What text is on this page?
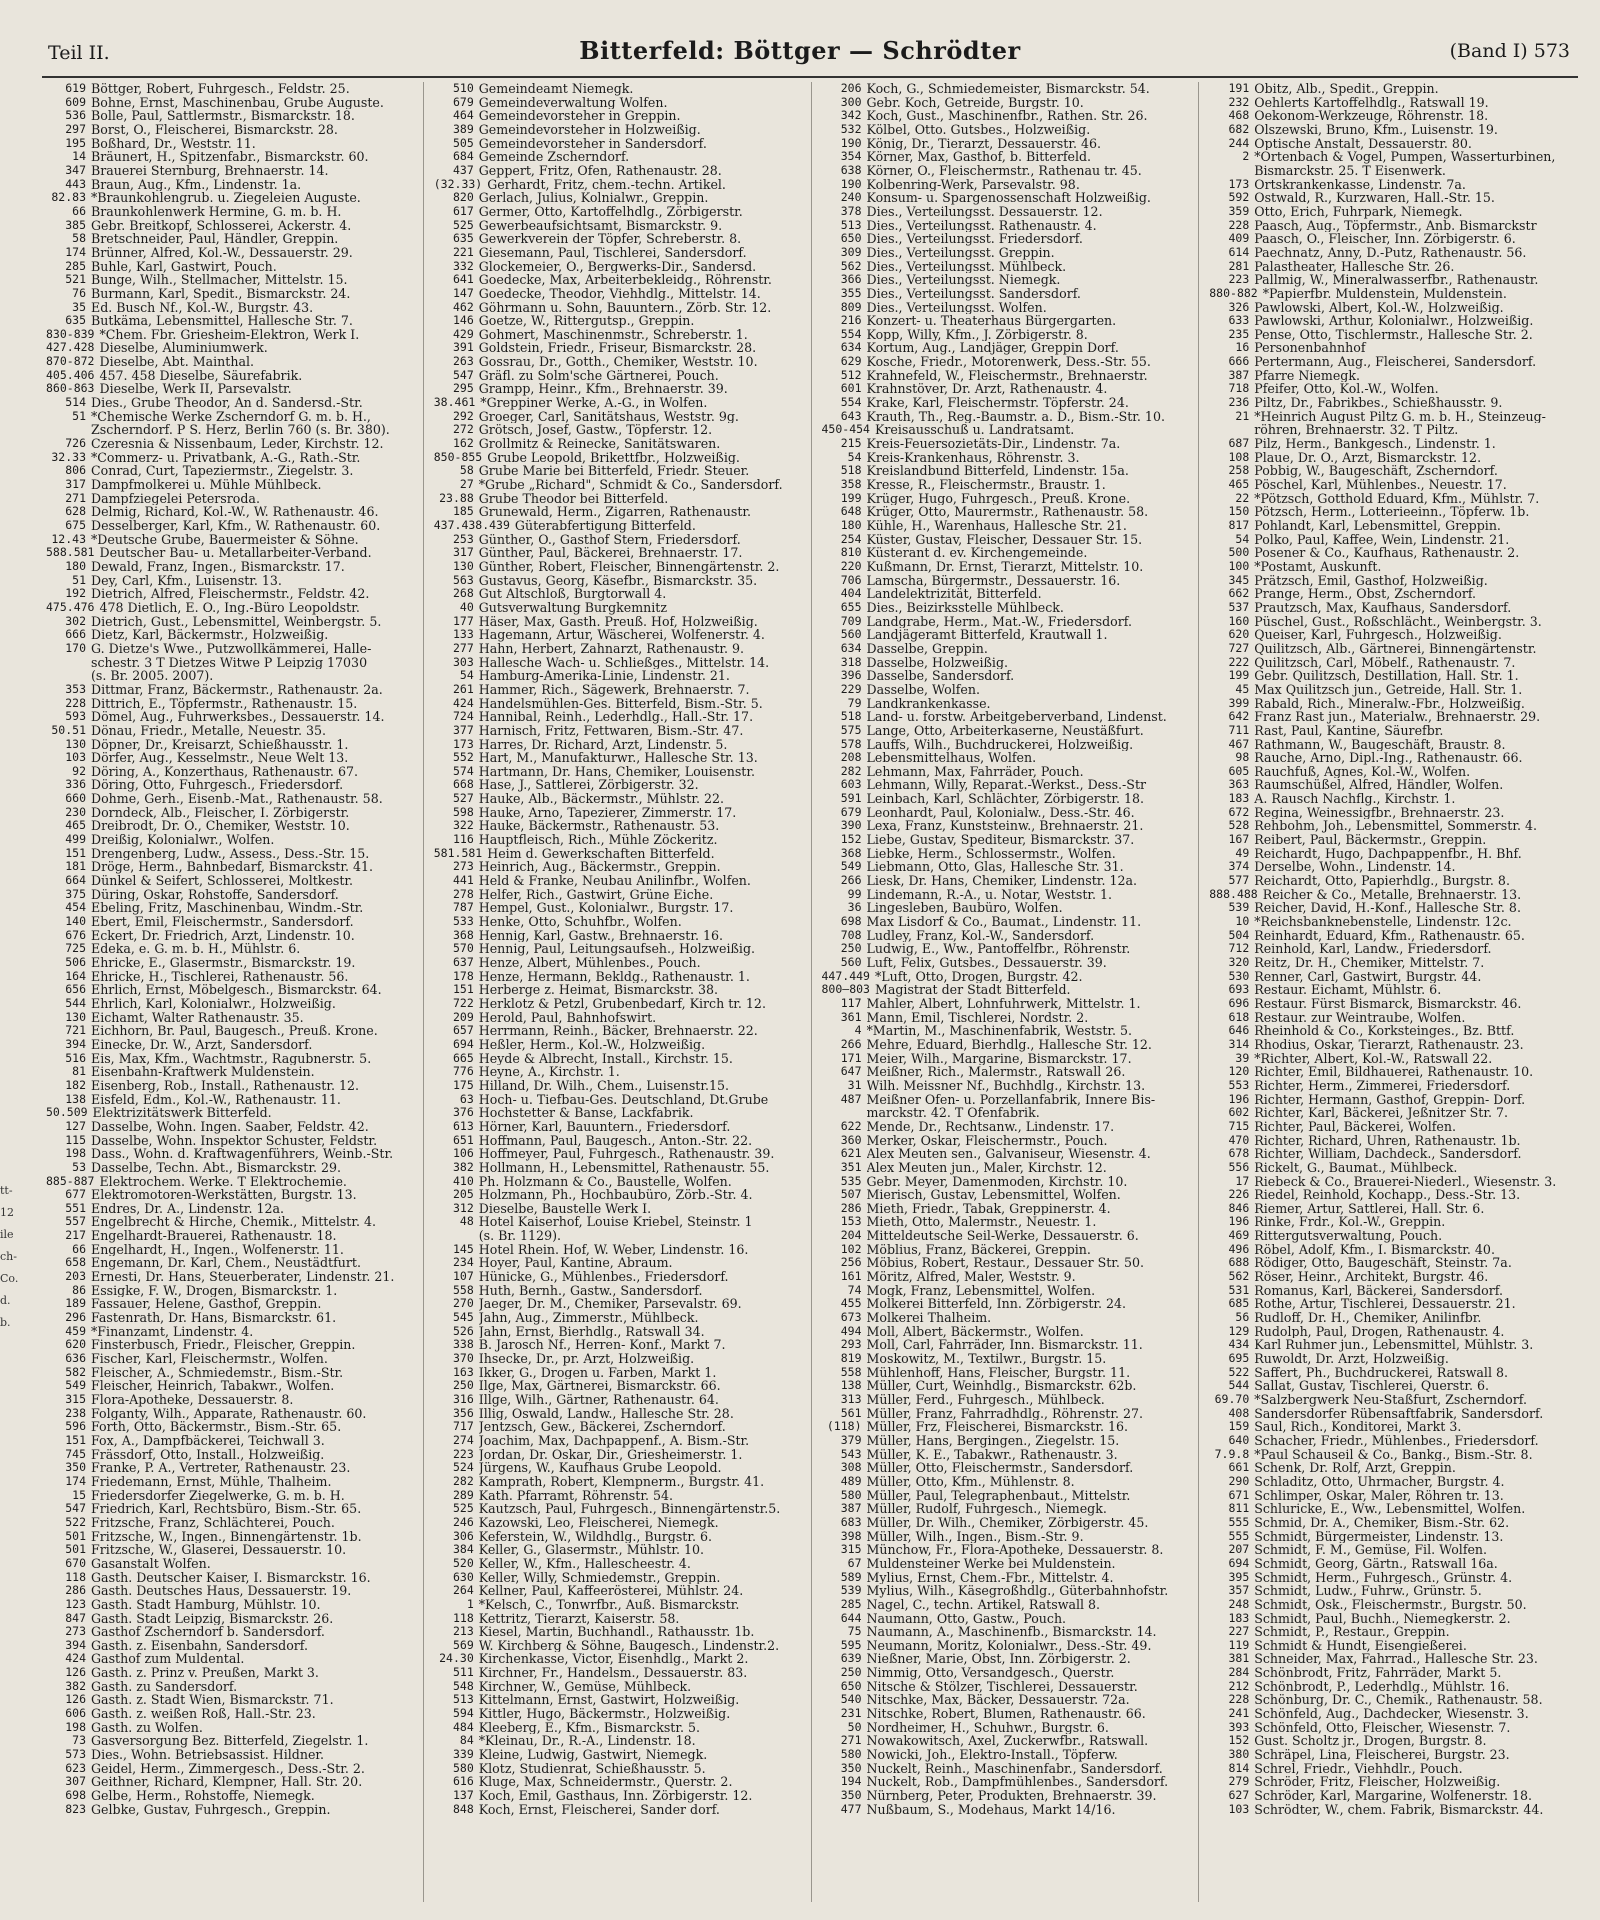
Teil II.	Bitterfeld: Böttger — Schrödter	(Band I) 573
tt-
12
ile
ch-
Co.
d.
b.
619 Böttger, Robert, Fuhrgesch., Feldstr. 25.
609 Bohne, Ernst, Maschinenbau, Grube Auguste.
536 Bolle, Paul, Sattlermstr., Bismarckstr. 18.
297 Borst, O., Fleischerei, Bismarckstr. 28.
195 Boßhard, Dr., Weststr. 11.
14 Bräunert, H., Spitzenfabr., Bismarckstr. 60.
347 Brauerei Sternburg, Brehnaerstr. 14.
443 Braun, Aug., Kfm., Lindenstr. 1a.
82.83 *Braunkohlengrub. u. Ziegeleien Auguste.
66 Braunkohlenwerk Hermine, G. m. b. H.
385 Gebr. Breitkopf, Schlosserei, Ackerstr. 4.
58 Bretschneider, Paul, Händler, Greppin.
174 Brünner, Alfred, Kol.-W., Dessauerstr. 29.
285 Buhle, Karl, Gastwirt, Pouch.
521 Bunge, Wilh., Stellmacher, Mittelstr. 15.
76 Burmann, Karl, Spedit., Bismarckstr. 24.
35 Ed. Busch Nf., Kol.-W., Burgstr. 43.
635 Butkäma, Lebensmittel, Hallesche Str. 7.
830-839 *Chem. Fbr. Griesheim-Elektron, Werk I.
427.428 Dieselbe, Aluminiumwerk.
870-872 Dieselbe, Abt. Mainthal.
405.406 457. 458 Dieselbe, Säurefabrik.
860-863 Dieselbe, Werk II, Parsevalstr.
514 Dies., Grube Theodor, An d. Sandersd.-Str.
51 *Chemische Werke Zscherndorf G. m. b. H.,
Zscherndorf. P S. Herz, Berlin 760 (s. Br. 380).
726 Czeresnia & Nissenbaum, Leder, Kirchstr. 12.
32.33 *Commerz- u. Privatbank, A.-G., Rath.-Str.
806 Conrad, Curt, Tapeziermstr., Ziegelstr. 3.
317 Dampfmolkerei u. Mühle Mühlbeck.
271 Dampfziegelei Petersroda.
628 Delmig, Richard, Kol.-W., W. Rathenaustr. 46.
675 Desselberger, Karl, Kfm., W. Rathenaustr. 60.
12.43 *Deutsche Grube, Bauermeister & Söhne.
588.581 Deutscher Bau- u. Metallarbeiter-Verband.
180 Dewald, Franz, Ingen., Bismarckstr. 17.
51 Dey, Carl, Kfm., Luisenstr. 13.
192 Dietrich, Alfred, Fleischermstr., Feldstr. 42.
475.476 478 Dietlich, E. O., Ing.-Büro Leopoldstr.
302 Dietrich, Gust., Lebensmittel, Weinbergstr. 5.
666 Dietz, Karl, Bäckermstr., Holzweißig.
170 G. Dietze's Wwe., Putzwollkämmerei, Halle-
schestr. 3 T Dietzes Witwe P Leipzig 17030
(s. Br. 2005. 2007).
353 Dittmar, Franz, Bäckermstr., Rathenaustr. 2a.
228 Dittrich, E., Töpfermstr., Rathenaustr. 15.
593 Dömel, Aug., Fuhrwerksbes., Dessauerstr. 14.
50.51 Dönau, Friedr., Metalle, Neuestr. 35.
130 Döpner, Dr., Kreisarzt, Schießhausstr. 1.
103 Dörfer, Aug., Kesselmstr., Neue Welt 13.
92 Döring, A., Konzerthaus, Rathenaustr. 67.
336 Döring, Otto, Fuhrgesch., Friedersdorf.
660 Dohme, Gerh., Eisenb.-Mat., Rathenaustr. 58.
230 Dorndeck, Alb., Fleischer, I. Zörbigerstr.
465 Dreibrodt, Dr. O., Chemiker, Weststr. 10.
499 Dreißig, Kolonialwr., Wolfen.
151 Drengenberg, Ludw., Assess., Dess.-Str. 15.
181 Dröge, Herm., Bahnbedarf, Bismarckstr. 41.
664 Dünkel & Seifert, Schlosserei, Moltkestr.
375 Düring, Oskar, Rohstoffe, Sandersdorf.
454 Ebeling, Fritz, Maschinenbau, Windm.-Str.
140 Ebert, Emil, Fleischermstr., Sandersdorf.
676 Eckert, Dr. Friedrich, Arzt, Lindenstr. 10.
725 Edeka, e. G. m. b. H., Mühlstr. 6.
506 Ehricke, E., Glasermstr., Bismarckstr. 19.
164 Ehricke, H., Tischlerei, Rathenaustr. 56.
656 Ehrlich, Ernst, Möbelgesch., Bismarckstr. 64.
544 Ehrlich, Karl, Kolonialwr., Holzweißig.
130 Eichamt, Walter Rathenaustr. 35.
721 Eichhorn, Br. Paul, Baugesch., Preuß. Krone.
394 Einecke, Dr. W., Arzt, Sandersdorf.
516 Eis, Max, Kfm., Wachtmstr., Ragubnerstr. 5.
81 Eisenbahn-Kraftwerk Muldenstein.
182 Eisenberg, Rob., Install., Rathenaustr. 12.
138 Eisfeld, Edm., Kol.-W., Rathenaustr. 11.
50.509 Elektrizitätswerk Bitterfeld.
127 Dasselbe, Wohn. Ingen. Saaber, Feldstr. 42.
115 Dasselbe, Wohn. Inspektor Schuster, Feldstr.
198 Dass., Wohn. d. Kraftwagenführers, Weinb.-Str.
53 Dasselbe, Techn. Abt., Bismarckstr. 29.
885-887 Elektrochem. Werke. T Elektrochemie.
677 Elektromotoren-Werkstätten, Burgstr. 13.
551 Endres, Dr. A., Lindenstr. 12a.
557 Engelbrecht & Hirche, Chemik., Mittelstr. 4.
217 Engelhardt-Brauerei, Rathenaustr. 18.
66 Engelhardt, H., Ingen., Wolfenerstr. 11.
658 Engemann, Dr. Karl, Chem., Neustädtfurt.
203 Ernesti, Dr. Hans, Steuerberater, Lindenstr. 21.
86 Essigke, F. W., Drogen, Bismarckstr. 1.
189 Fassauer, Helene, Gasthof, Greppin.
296 Fastenrath, Dr. Hans, Bismarckstr. 61.
459 *Finanzamt, Lindenstr. 4.
620 Finsterbusch, Friedr., Fleischer, Greppin.
636 Fischer, Karl, Fleischermstr., Wolfen.
582 Fleischer, A., Schmiedemstr., Bism.-Str.
549 Fleischer, Heinrich, Tabakwr., Wolfen.
315 Flora-Apotheke, Dessauerstr. 8.
238 Folganty, Wilh., Apparate, Rathenaustr. 60.
596 Forth, Otto, Bäckermstr., Bism.-Str. 65.
151 Fox, A., Dampfbäckerei, Teichwall 3.
745 Frässdorf, Otto, Install., Holzweißig.
350 Franke, P. A., Vertreter, Rathenaustr. 23.
174 Friedemann, Ernst, Mühle, Thalheim.
15 Friedersdorfer Ziegelwerke, G. m. b. H.
547 Friedrich, Karl, Rechtsbüro, Bism.-Str. 65.
522 Fritzsche, Franz, Schlächterei, Pouch.
501 Fritzsche, W., Ingen., Binnengärtenstr. 1b.
501 Fritzsche, W., Glaserei, Dessauerstr. 10.
670 Gasanstalt Wolfen.
118 Gasth. Deutscher Kaiser, I. Bismarckstr. 16.
286 Gasth. Deutsches Haus, Dessauerstr. 19.
123 Gasth. Stadt Hamburg, Mühlstr. 10.
847 Gasth. Stadt Leipzig, Bismarckstr. 26.
273 Gasthof Zscherndorf b. Sandersdorf.
394 Gasth. z. Eisenbahn, Sandersdorf.
424 Gasthof zum Muldental.
126 Gasth. z. Prinz v. Preußen, Markt 3.
382 Gasth. zu Sandersdorf.
126 Gasth. z. Stadt Wien, Bismarckstr. 71.
606 Gasth. z. weißen Roß, Hall.-Str. 23.
198 Gasth. zu Wolfen.
73 Gasversorgung Bez. Bitterfeld, Ziegelstr. 1.
573 Dies., Wohn. Betriebsassist. Hildner.
623 Geidel, Herm., Zimmergesch., Dess.-Str. 2.
307 Geithner, Richard, Klempner, Hall. Str. 20.
698 Gelbe, Herm., Rohstoffe, Niemegk.
823 Gelbke, Gustav, Fuhrgesch., Greppin.
510 Gemeindeamt Niemegk.
679 Gemeindeverwaltung Wolfen.
464 Gemeindevorsteher in Greppin.
389 Gemeindevorsteher in Holzweißig.
505 Gemeindevorsteher in Sandersdorf.
684 Gemeinde Zscherndorf.
437 Geppert, Fritz, Öfen, Rathenaustr. 28.
(32.33) Gerhardt, Fritz, chem.-techn. Artikel.
820 Gerlach, Julius, Kolnialwr., Greppin.
617 Germer, Otto, Kartoffelhdlg., Zörbigerstr.
525 Gewerbeaufsichtsamt, Bismarckstr. 9.
635 Gewerkverein der Töpfer, Schreberstr. 8.
221 Giesemann, Paul, Tischlerei, Sandersdorf.
332 Glockemeier, O., Bergwerks-Dir., Sandersd.
641 Goedecke, Max, Arbeiterbekleidg., Röhrenstr.
147 Goedecke, Theodor, Viehhdlg., Mittelstr. 14.
462 Göhrmann u. Sohn, Bauuntern., Zörb. Str. 12.
146 Goetze, W., Rittergutsp., Greppin.
429 Gohmert, Maschinenmstr., Schreberstr. 1.
391 Goldstein, Friedr., Friseur, Bismarckstr. 28.
263 Gossrau, Dr., Gotth., Chemiker, Weststr. 10.
547 Gräfl. zu Solm'sche Gärtnerei, Pouch.
295 Grampp, Heinr., Kfm., Brehnaerstr. 39.
38.461 *Greppiner Werke, A.-G., in Wolfen.
292 Groeger, Carl, Sanitätshaus, Weststr. 9g.
272 Grötsch, Josef, Gastw., Töpferstr. 12.
162 Grollmitz & Reinecke, Sanitätswaren.
850-855 Grube Leopold, Brikettfbr., Holzweißig.
58 Grube Marie bei Bitterfeld, Friedr. Steuer.
27 *Grube „Richard", Schmidt & Co., Sandersdorf.
23.88 Grube Theodor bei Bitterfeld.
185 Grunewald, Herm., Zigarren, Rathenaustr.
437.438.439 Güterabfertigung Bitterfeld.
253 Günther, O., Gasthof Stern, Friedersdorf.
317 Günther, Paul, Bäckerei, Brehnaerstr. 17.
130 Günther, Robert, Fleischer, Binnengärtenstr. 2.
563 Gustavus, Georg, Käsefbr., Bismarckstr. 35.
268 Gut Altschloß, Burgtorwall 4.
40 Gutsverwaltung Burgkemnitz
177 Häser, Max, Gasth. Preuß. Hof, Holzweißig.
133 Hagemann, Artur, Wäscherei, Wolfenerstr. 4.
277 Hahn, Herbert, Zahnarzt, Rathenaustr. 9.
303 Hallesche Wach- u. Schließges., Mittelstr. 14.
54 Hamburg-Amerika-Linie, Lindenstr. 21.
261 Hammer, Rich., Sägewerk, Brehnaerstr. 7.
424 Handelsmühlen-Ges. Bitterfeld, Bism.-Str. 5.
724 Hannibal, Reinh., Lederhdlg., Hall.-Str. 17.
377 Harnisch, Fritz, Fettwaren, Bism.-Str. 47.
173 Harres, Dr. Richard, Arzt, Lindenstr. 5.
552 Hart, M., Manufakturwr., Hallesche Str. 13.
574 Hartmann, Dr. Hans, Chemiker, Louisenstr.
668 Hase, J., Sattlerei, Zörbigerstr. 32.
527 Hauke, Alb., Bäckermstr., Mühlstr. 22.
598 Hauke, Arno, Tapezierer, Zimmerstr. 17.
322 Hauke, Bäckermstr., Rathenaustr. 53.
116 Hauptfleisch, Rich., Mühle Zöckeritz.
581.581 Heim d. Gewerkschaften Bitterfeld.
273 Heinrich, Aug., Bäckermstr., Greppin.
441 Held & Franke, Neubau Anilinfbr., Wolfen.
278 Helfer, Rich., Gastwirt, Grüne Eiche.
787 Hempel, Gust., Kolonialwr., Burgstr. 17.
533 Henke, Otto, Schuhfbr., Wolfen.
368 Hennig, Karl, Gastw., Brehnaerstr. 16.
570 Hennig, Paul, Leitungsaufseh., Holzweißig.
637 Henze, Albert, Mühlenbes., Pouch.
178 Henze, Hermann, Bekldg., Rathenaustr. 1.
151 Herberge z. Heimat, Bismarckstr. 38.
722 Herklotz & Petzl, Grubenbedarf, Kirch tr. 12.
209 Herold, Paul, Bahnhofswirt.
657 Herrmann, Reinh., Bäcker, Brehnaerstr. 22.
694 Heßler, Herm., Kol.-W., Holzweißig.
665 Heyde & Albrecht, Install., Kirchstr. 15.
776 Heyne, A., Kirchstr. 1.
175 Hilland, Dr. Wilh., Chem., Luisenstr.15.
63 Hoch- u. Tiefbau-Ges. Deutschland, Dt.Grube
376 Hochstetter & Banse, Lackfabrik.
613 Hörner, Karl, Bauuntern., Friedersdorf.
651 Hoffmann, Paul, Baugesch., Anton.-Str. 22.
106 Hoffmeyer, Paul, Fuhrgesch., Rathenaustr. 39.
382 Hollmann, H., Lebensmittel, Rathenaustr. 55.
410 Ph. Holzmann & Co., Baustelle, Wolfen.
205 Holzmann, Ph., Hochbaubüro, Zörb.-Str. 4.
312 Dieselbe, Baustelle Werk I.
48 Hotel Kaiserhof, Louise Kriebel, Steinstr. 1
(s. Br. 1129).
145 Hotel Rhein. Hof, W. Weber, Lindenstr. 16.
234 Hoyer, Paul, Kantine, Abraum.
107 Hünicke, G., Mühlenbes., Friedersdorf.
558 Huth, Bernh., Gastw., Sandersdorf.
270 Jaeger, Dr. M., Chemiker, Parsevalstr. 69.
545 Jahn, Aug., Zimmerstr., Mühlbeck.
526 Jahn, Ernst, Bierhdlg., Ratswall 34.
338 B. Jarosch Nf., Herren- Konf., Markt 7.
370 Ihsecke, Dr., pr. Arzt, Holzweißig.
163 Ikker, G., Drogen u. Farben, Markt 1.
250 Ilge, Max, Gärtnerei, Bismarckstr. 66.
316 Illge, Wilh., Gärtner, Rathenaustr. 64.
356 Illig, Oswald, Landw., Hallesche Str. 28.
717 Jentzsch, Gew., Bäckerei, Zscherndorf.
274 Joachim, Max, Dachpappenf., A. Bism.-Str.
223 Jordan, Dr. Oskar, Dir., Griesheimerstr. 1.
524 Jürgens, W., Kaufhaus Grube Leopold.
282 Kamprath, Robert, Klempnerm., Burgstr. 41.
289 Kath. Pfarramt, Röhrenstr. 54.
525 Kautzsch, Paul, Fuhrgesch., Binnengärtenstr.5.
246 Kazowski, Leo, Fleischerei, Niemegk.
306 Keferstein, W., Wildhdlg., Burgstr. 6.
384 Keller, G., Glasermstr., Mühlstr. 10.
520 Keller, W., Kfm., Hallescheestr. 4.
630 Keller, Willy, Schmiedemstr., Greppin.
264 Kellner, Paul, Kaffeerösterei, Mühlstr. 24.
1 *Kelsch, C., Tonwrfbr., Auß. Bismarckstr.
118 Kettritz, Tierarzt, Kaiserstr. 58.
213 Kiesel, Martin, Buchhandl., Rathausstr. 1b.
569 W. Kirchberg & Söhne, Baugesch., Lindenstr.2.
24.30 Kirchenkasse, Victor, Eisenhdlg., Markt 2.
511 Kirchner, Fr., Handelsm., Dessauerstr. 83.
548 Kirchner, W., Gemüse, Mühlbeck.
513 Kittelmann, Ernst, Gastwirt, Holzweißig.
594 Kittler, Hugo, Bäckermstr., Holzweißig.
484 Kleeberg, E., Kfm., Bismarckstr. 5.
84 *Kleinau, Dr., R.-A., Lindenstr. 18.
339 Kleine, Ludwig, Gastwirt, Niemegk.
580 Klotz, Studienrat, Schießhausstr. 5.
616 Kluge, Max, Schneidermstr., Querstr. 2.
137 Koch, Emil, Gasthaus, Inn. Zörbigerstr. 12.
848 Koch, Ernst, Fleischerei, Sander dorf.
206 Koch, G., Schmiedemeister, Bismarckstr. 54.
300 Gebr. Koch, Getreide, Burgstr. 10.
342 Koch, Gust., Maschinenfbr., Rathen. Str. 26.
532 Kölbel, Otto. Gutsbes., Holzweißig.
190 König, Dr., Tierarzt, Dessauerstr. 46.
354 Körner, Max, Gasthof, b. Bitterfeld.
638 Körner, O., Fleischermstr., Rathenau tr. 45.
190 Kolbenring-Werk, Parsevalstr. 98.
240 Konsum- u. Spargenossenschaft Holzweißig.
378 Dies., Verteilungsst. Dessauerstr. 12.
513 Dies., Verteilungsst. Rathenaustr. 4.
650 Dies., Verteilungsst. Friedersdorf.
309 Dies., Verteilungsst. Greppin.
562 Dies., Verteilungsst. Mühlbeck.
366 Dies., Verteilungsst. Niemegk.
355 Dies., Verteilungsst. Sandersdorf.
809 Dies., Verteilungsst. Wolfen.
216 Konzert- u. Theaterhaus Bürgergarten.
554 Kopp, Willy, Kfm., J. Zörbigerstr. 8.
634 Kortum, Aug., Landjäger, Greppin Dorf.
629 Kosche, Friedr., Motorenwerk, Dess.-Str. 55.
512 Krahnefeld, W., Fleischermstr., Brehnaerstr.
601 Krahnstöver, Dr. Arzt, Rathenaustr. 4.
554 Krake, Karl, Fleischermstr. Töpferstr. 24.
643 Krauth, Th., Reg.-Baumstr. a. D., Bism.-Str. 10.
450-454 Kreisausschuß u. Landratsamt.
215 Kreis-Feuersozietäts-Dir., Lindenstr. 7a.
54 Kreis-Krankenhaus, Röhrenstr. 3.
518 Kreislandbund Bitterfeld, Lindenstr. 15a.
358 Kresse, R., Fleischermstr., Braustr. 1.
199 Krüger, Hugo, Fuhrgesch., Preuß. Krone.
648 Krüger, Otto, Maurermstr., Rathenaustr. 58.
180 Kühle, H., Warenhaus, Hallesche Str. 21.
254 Küster, Gustav, Fleischer, Dessauer Str. 15.
810 Küsterant d. ev. Kirchengemeinde.
220 Kußmann, Dr. Ernst, Tierarzt, Mittelstr. 10.
706 Lamscha, Bürgermstr., Dessauerstr. 16.
404 Landelektrizität, Bitterfeld.
655 Dies., Beizirksstelle Mühlbeck.
709 Landgrabe, Herm., Mat.-W., Friedersdorf.
560 Landjägeramt Bitterfeld, Krautwall 1.
634 Dasselbe, Greppin.
318 Dasselbe, Holzweißig.
396 Dasselbe, Sandersdorf.
229 Dasselbe, Wolfen.
79 Landkrankenkasse.
518 Land- u. forstw. Arbeitgeberverband, Lindenst.
575 Lange, Otto, Arbeiterkaserne, Neustäßfurt.
578 Lauffs, Wilh., Buchdruckerei, Holzweißig.
208 Lebensmittelhaus, Wolfen.
282 Lehmann, Max, Fahrräder, Pouch.
603 Lehmann, Willy, Reparat.-Werkst., Dess.-Str
591 Leinbach, Karl, Schlächter, Zörbigerstr. 18.
679 Leonhardt, Paul, Kolonialw., Dess.-Str. 46.
390 Lexa, Franz, Kunststeinw., Brehnaerstr. 21.
152 Liebe, Gustav, Spediteur, Bismarckstr. 37.
368 Liebke, Herm., Schlossermstr., Wolfen.
549 Liebmann, Otto, Glas, Hallesche Str. 31.
266 Liesk, Dr. Hans, Chemiker, Lindenstr. 12a.
99 Lindemann, R.-A., u. Notar, Weststr. 1.
36 Lingesleben, Baubüro, Wolfen.
698 Max Lisdorf & Co., Baumat., Lindenstr. 11.
708 Ludley, Franz, Kol.-W., Sandersdorf.
250 Ludwig, E., Ww., Pantoffelfbr., Röhrenstr.
560 Luft, Felix, Gutsbes., Dessauerstr. 39.
447.449 *Luft, Otto, Drogen, Burgstr. 42.
800—803 Magistrat der Stadt Bitterfeld.
117 Mahler, Albert, Lohnfuhrwerk, Mittelstr. 1.
361 Mann, Emil, Tischlerei, Nordstr. 2.
4 *Martin, M., Maschinenfabrik, Weststr. 5.
266 Mehre, Eduard, Bierhdlg., Hallesche Str. 12.
171 Meier, Wilh., Margarine, Bismarckstr. 17.
647 Meißner, Rich., Malermstr., Ratswall 26.
31 Wilh. Meissner Nf., Buchhdlg., Kirchstr. 13.
487 Meißner Ofen- u. Porzellanfabrik, Innere Bis-
marckstr. 42. T Ofenfabrik.
622 Mende, Dr., Rechtsanw., Lindenstr. 17.
360 Merker, Oskar, Fleischermstr., Pouch.
621 Alex Meuten sen., Galvaniseur, Wiesenstr. 4.
351 Alex Meuten jun., Maler, Kirchstr. 12.
535 Gebr. Meyer, Damenmoden, Kirchstr. 10.
507 Mierisch, Gustav, Lebensmittel, Wolfen.
286 Mieth, Friedr., Tabak, Greppinerstr. 4.
153 Mieth, Otto, Malermstr., Neuestr. 1.
204 Mitteldeutsche Seil-Werke, Dessauerstr. 6.
102 Möblius, Franz, Bäckerei, Greppin.
256 Möbius, Robert, Restaur., Dessauer Str. 50.
161 Möritz, Alfred, Maler, Weststr. 9.
74 Mogk, Franz, Lebensmittel, Wolfen.
455 Molkerei Bitterfeld, Inn. Zörbigerstr. 24.
673 Molkerei Thalheim.
494 Moll, Albert, Bäckermstr., Wolfen.
293 Moll, Carl, Fahrräder, Inn. Bismarckstr. 11.
819 Moskowitz, M., Textilwr., Burgstr. 15.
558 Mühlenhoff, Hans, Fleischer, Burgstr. 11.
138 Müller, Curt, Weinhdlg., Bismarckstr. 62b.
313 Müller, Ferd., Fuhrgesch., Mühlbeck.
561 Müller, Franz, Fahrradhdlg., Röhrenstr. 27.
(118) Müller, Frz, Fleischerei, Bismarckstr. 16.
379 Müller, Hans, Bergingen., Ziegelstr. 15.
543 Müller, K. E., Tabakwr., Rathenaustr. 3.
308 Müller, Otto, Fleischermstr., Sandersdorf.
489 Müller, Otto, Kfm., Mühlenstr. 8.
580 Müller, Paul, Telegraphenbaut., Mittelstr.
387 Müller, Rudolf, Fuhrgesch., Niemegk.
683 Müller, Dr. Wilh., Chemiker, Zörbigerstr. 45.
398 Müller, Wilh., Ingen., Bism.-Str. 9.
315 Münchow, Fr., Flora-Apotheke, Dessauerstr. 8.
67 Muldensteiner Werke bei Muldenstein.
589 Mylius, Ernst, Chem.-Fbr., Mittelstr. 4.
539 Mylius, Wilh., Käsegroßhdlg., Güterbahnhofstr.
285 Nagel, C., techn. Artikel, Ratswall 8.
644 Naumann, Otto, Gastw., Pouch.
75 Naumann, A., Maschinenfb., Bismarckstr. 14.
595 Neumann, Moritz, Kolonialwr., Dess.-Str. 49.
639 Nießner, Marie, Obst, Inn. Zörbigerstr. 2.
250 Nimmig, Otto, Versandgesch., Querstr.
650 Nitsche & Stölzer, Tischlerei, Dessauerstr.
540 Nitschke, Max, Bäcker, Dessauerstr. 72a.
231 Nitschke, Robert, Blumen, Rathenaustr. 66.
50 Nordheimer, H., Schuhwr., Burgstr. 6.
271 Nowakowitsch, Axel, Zuckerwfbr., Ratswall.
580 Nowicki, Joh., Elektro-Install., Töpferw.
350 Nuckelt, Reinh., Maschinenfabr., Sandersdorf.
194 Nuckelt, Rob., Dampfmühlenbes., Sandersdorf.
350 Nürnberg, Peter, Produkten, Brehnaerstr. 39.
477 Nußbaum, S., Modehaus, Markt 14/16.
191 Obitz, Alb., Spedit., Greppin.
232 Oehlerts Kartoffelhdlg., Ratswall 19.
468 Oekonom-Werkzeuge, Röhrenstr. 18.
682 Olszewski, Bruno, Kfm., Luisenstr. 19.
244 Optische Anstalt, Dessauerstr. 80.
2 *Ortenbach & Vogel, Pumpen, Wasserturbinen,
Bismarckstr. 25. T Eisenwerk.
173 Ortskrankenkasse, Lindenstr. 7a.
592 Ostwald, R., Kurzwaren, Hall.-Str. 15.
359 Otto, Erich, Fuhrpark, Niemegk.
228 Paasch, Aug., Töpfermstr., Anb. Bismarckstr
409 Paasch, O., Fleischer, Inn. Zörbigerstr. 6.
614 Paechnatz, Anny, D.-Putz, Rathenaustr. 56.
281 Palastheater, Hallesche Str. 26.
223 Pallmig, W., Mineralwasserfbr., Rathenaustr.
880-882 *Papierfbr. Muldenstein, Muldenstein.
326 Pawlowski, Albert, Kol.-W., Holzweißig.
633 Pawlowski, Arthur, Kolonialwr., Holzweißig.
235 Pense, Otto, Tischlermstr., Hallesche Str. 2.
16 Personenbahnhof
666 Pertermann, Aug., Fleischerei, Sandersdorf.
387 Pfarre Niemegk.
718 Pfeifer, Otto, Kol.-W., Wolfen.
236 Piltz, Dr., Fabrikbes., Schießhausstr. 9.
21 *Heinrich August Piltz G. m. b. H., Steinzeug-
röhren, Brehnaerstr. 32. T Piltz.
687 Pilz, Herm., Bankgesch., Lindenstr. 1.
108 Plaue, Dr. O., Arzt, Bismarckstr. 12.
258 Pobbig, W., Baugeschäft, Zscherndorf.
465 Pöschel, Karl, Mühlenbes., Neuestr. 17.
22 *Pötzsch, Gotthold Eduard, Kfm., Mühlstr. 7.
150 Pötzsch, Herm., Lotterieeinn., Töpferw. 1b.
817 Pohlandt, Karl, Lebensmittel, Greppin.
54 Polko, Paul, Kaffee, Wein, Lindenstr. 21.
500 Posener & Co., Kaufhaus, Rathenaustr. 2.
100 *Postamt, Auskunft.
345 Prätzsch, Emil, Gasthof, Holzweißig.
662 Prange, Herm., Obst, Zscherndorf.
537 Prautzsch, Max, Kaufhaus, Sandersdorf.
160 Püschel, Gust., Roßschlächt., Weinbergstr. 3.
620 Queiser, Karl, Fuhrgesch., Holzweißig.
727 Quilitzsch, Alb., Gärtnerei, Binnengärtenstr.
222 Quilitzsch, Carl, Möbelf., Rathenaustr. 7.
199 Gebr. Quilitzsch, Destillation, Hall. Str. 1.
45 Max Quilitzsch jun., Getreide, Hall. Str. 1.
399 Rabald, Rich., Mineralw.-Fbr., Holzweißig.
642 Franz Rast jun., Materialw., Brehnaerstr. 29.
711 Rast, Paul, Kantine, Säurefbr.
467 Rathmann, W., Baugeschäft, Braustr. 8.
98 Rauche, Arno, Dipl.-Ing., Rathenaustr. 66.
605 Rauchfuß, Agnes, Kol.-W., Wolfen.
363 Raumschüßel, Alfred, Händler, Wolfen.
183 A. Rausch Nachflg., Kirchstr. 1.
672 Regina, Weinessigfbr., Brehnaerstr. 23.
528 Rehbohm, Joh., Lebensmittel, Sommerstr. 4.
167 Reibert, Paul, Bäckermstr., Greppin.
49 Reichardt, Hugo, Dachpappenfbr., H. Bhf.
374 Derselbe, Wohn., Lindenstr. 14.
577 Reichardt, Otto, Papierhdlg., Burgstr. 8.
888.488 Reicher & Co., Metalle, Brehnaerstr. 13.
539 Reicher, David, H.-Konf., Hallesche Str. 8.
10 *Reichsbanknebenstelle, Lindenstr. 12c.
504 Reinhardt, Eduard, Kfm., Rathenaustr. 65.
712 Reinhold, Karl, Landw., Friedersdorf.
320 Reitz, Dr. H., Chemiker, Mittelstr. 7.
530 Renner, Carl, Gastwirt, Burgstr. 44.
693 Restaur. Eichamt, Mühlstr. 6.
696 Restaur. Fürst Bismarck, Bismarckstr. 46.
618 Restaur. zur Weintraube, Wolfen.
646 Rheinhold & Co., Korksteinges., Bz. Bttf.
314 Rhodius, Oskar, Tierarzt, Rathenaustr. 23.
39 *Richter, Albert, Kol.-W., Ratswall 22.
120 Richter, Emil, Bildhauerei, Rathenaustr. 10.
553 Richter, Herm., Zimmerei, Friedersdorf.
196 Richter, Hermann, Gasthof, Greppin- Dorf.
602 Richter, Karl, Bäckerei, Jeßnitzer Str. 7.
715 Richter, Paul, Bäckerei, Wolfen.
470 Richter, Richard, Uhren, Rathenaustr. 1b.
678 Richter, William, Dachdeck., Sandersdorf.
556 Rickelt, G., Baumat., Mühlbeck.
17 Riebeck & Co., Brauerei-Niederl., Wiesenstr. 3.
226 Riedel, Reinhold, Kochapp., Dess.-Str. 13.
846 Riemer, Artur, Sattlerei, Hall. Str. 6.
196 Rinke, Frdr., Kol.-W., Greppin.
469 Rittergutsverwaltung, Pouch.
496 Röbel, Adolf, Kfm., I. Bismarckstr. 40.
688 Rödiger, Otto, Baugeschäft, Steinstr. 7a.
562 Röser, Heinr., Architekt, Burgstr. 46.
531 Romanus, Karl, Bäckerei, Sandersdorf.
685 Rothe, Artur, Tischlerei, Dessauerstr. 21.
56 Rudloff, Dr. H., Chemiker, Anilinfbr.
129 Rudolph, Paul, Drogen, Rathenaustr. 4.
434 Karl Ruhmer jun., Lebensmittel, Mühlstr. 3.
695 Ruwoldt, Dr. Arzt, Holzweißig.
522 Saffert, Ph., Buchdruckerei, Ratswall 8.
544 Sallat, Gustav, Tischlerei, Querstr. 6.
69.70 *Salzbergwerk Neu-Staßfurt, Zscherndorf.
408 Sandersdorfer Rübensaftfabrik, Sandersdorf.
159 Saul, Rich., Konditorei, Markt 3.
640 Schacher, Friedr., Mühlenbes., Friedersdorf.
7.9.8 *Paul Schauseil & Co., Bankg., Bism.-Str. 8.
661 Schenk, Dr. Rolf, Arzt, Greppin.
290 Schladitz, Otto, Uhrmacher, Burgstr. 4.
671 Schlimper, Oskar, Maler, Röhren tr. 13.
811 Schluricke, E., Ww., Lebensmittel, Wolfen.
555 Schmid, Dr. A., Chemiker, Bism.-Str. 62.
555 Schmidt, Bürgermeister, Lindenstr. 13.
207 Schmidt, F. M., Gemüse, Fil. Wolfen.
694 Schmidt, Georg, Gärtn., Ratswall 16a.
395 Schmidt, Herm., Fuhrgesch., Grünstr. 4.
357 Schmidt, Ludw., Fuhrw., Grünstr. 5.
248 Schmidt, Osk., Fleischermstr., Burgstr. 50.
183 Schmidt, Paul, Buchh., Niemegkerstr. 2.
227 Schmidt, P., Restaur., Greppin.
119 Schmidt & Hundt, Eisengießerei.
381 Schneider, Max, Fahrrad., Hallesche Str. 23.
284 Schönbrodt, Fritz, Fahrräder, Markt 5.
212 Schönbrodt, P., Lederhdlg., Mühlstr. 16.
228 Schönburg, Dr. C., Chemik., Rathenaustr. 58.
241 Schönfeld, Aug., Dachdecker, Wiesenstr. 3.
393 Schönfeld, Otto, Fleischer, Wiesenstr. 7.
152 Gust. Scholtz jr., Drogen, Burgstr. 8.
380 Schräpel, Lina, Fleischerei, Burgstr. 23.
814 Schrel, Friedr., Viehhdlr., Pouch.
279 Schröder, Fritz, Fleischer, Holzweißig.
627 Schröder, Karl, Margarine, Wolfenerstr. 18.
103 Schrödter, W., chem. Fabrik, Bismarckstr. 44.
